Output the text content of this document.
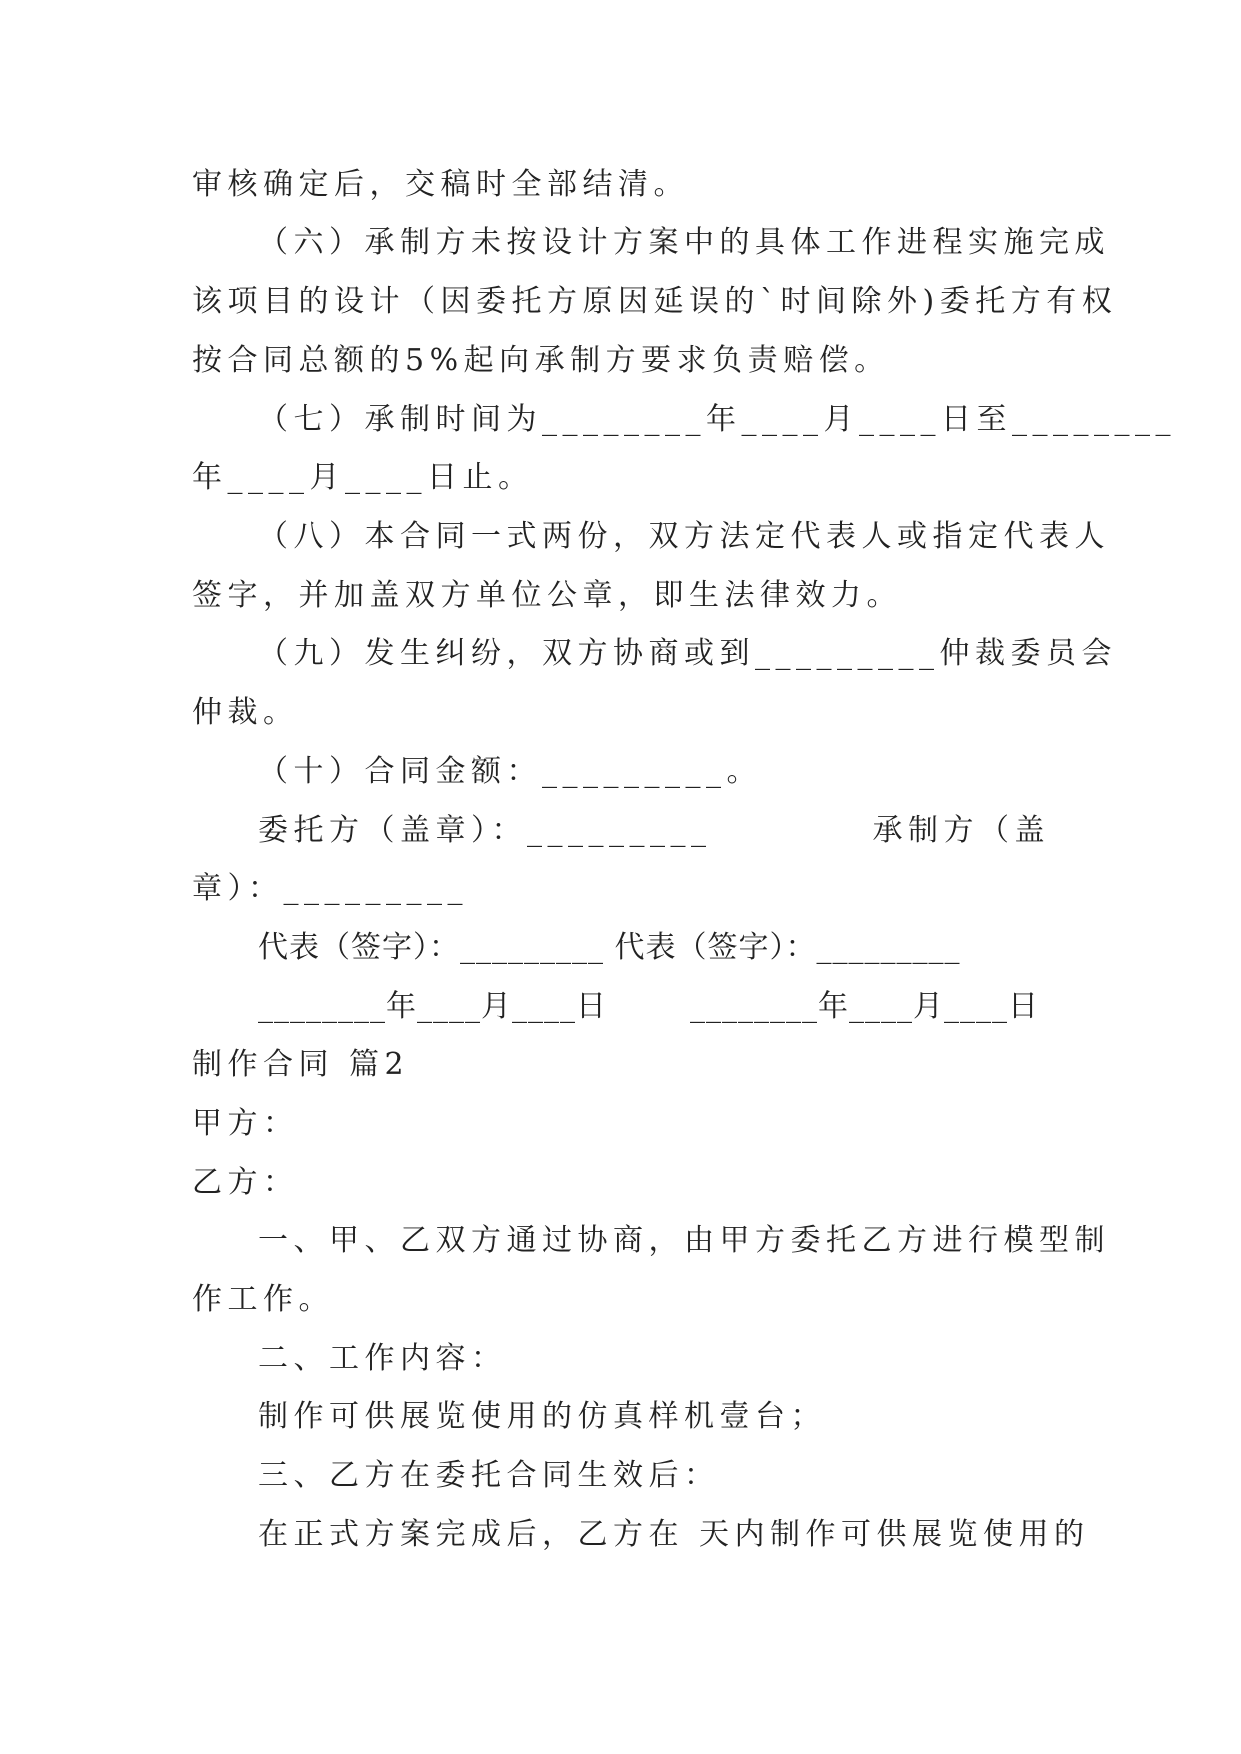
审核确定后，交稿时全部结清。
（六）承制方未按设计方案中的具体工作进程实施完成
该项目的设计（因委托方原因延误的`时间除外)委托方有权
按合同总额的5%起向承制方要求负责赔偿。
（七）承制时间为________年____月____日至________
年____月____日止。
（八）本合同一式两份，双方法定代表人或指定代表人
签字，并加盖双方单位公章，即生法律效力。
（九）发生纠纷，双方协商或到_________仲裁委员会
仲裁。
（十）合同金额：_________。
委托方（盖章）：_________	承制方（盖
章）：_________
代表（签字）：_________ 代表（签字）：_________
________年____月____日	________年____月____日
制作合同 篇2
甲方：
乙方：
一、甲、乙双方通过协商，由甲方委托乙方进行模型制
作工作。
二、工作内容：
制作可供展览使用的仿真样机壹台；
三、乙方在委托合同生效后：
在正式方案完成后，乙方在 天内制作可供展览使用的
